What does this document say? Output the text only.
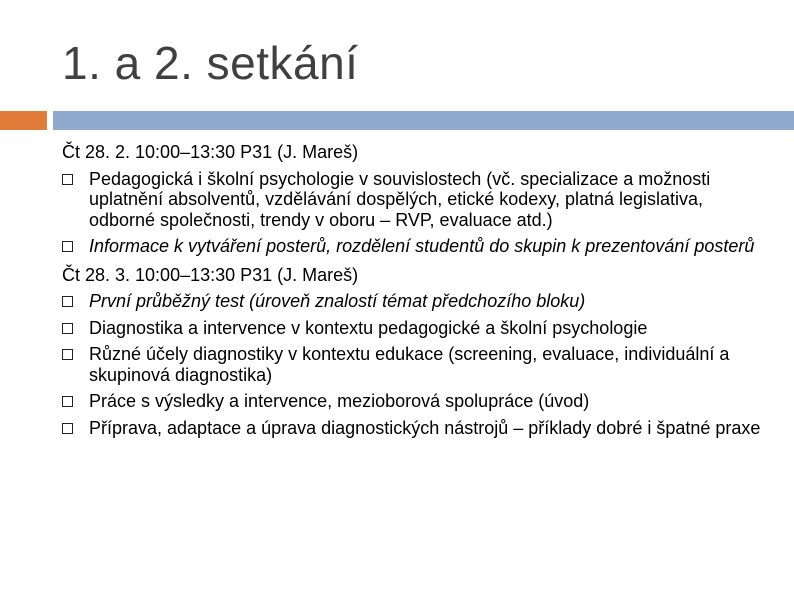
1. a 2. setkání
Čt 28. 2. 10:00–13:30 P31 (J. Mareš)
Pedagogická i školní psychologie v souvislostech (vč. specializace a možnosti uplatnění absolventů, vzdělávání dospělých, etické kodexy, platná legislativa, odborné společnosti, trendy v oboru – RVP, evaluace atd.)
Informace k vytváření posterů, rozdělení studentů do skupin k prezentování posterů
Čt 28. 3. 10:00–13:30 P31 (J. Mareš)
První průběžný test (úroveň znalostí témat předchozího bloku)
Diagnostika a intervence v kontextu pedagogické a školní psychologie
Různé účely diagnostiky v kontextu edukace (screening, evaluace, individuální a skupinová diagnostika)
Práce s výsledky a intervence, mezioborová spolupráce (úvod)
Příprava, adaptace a úprava diagnostických nástrojů – příklady dobré i špatné praxe
